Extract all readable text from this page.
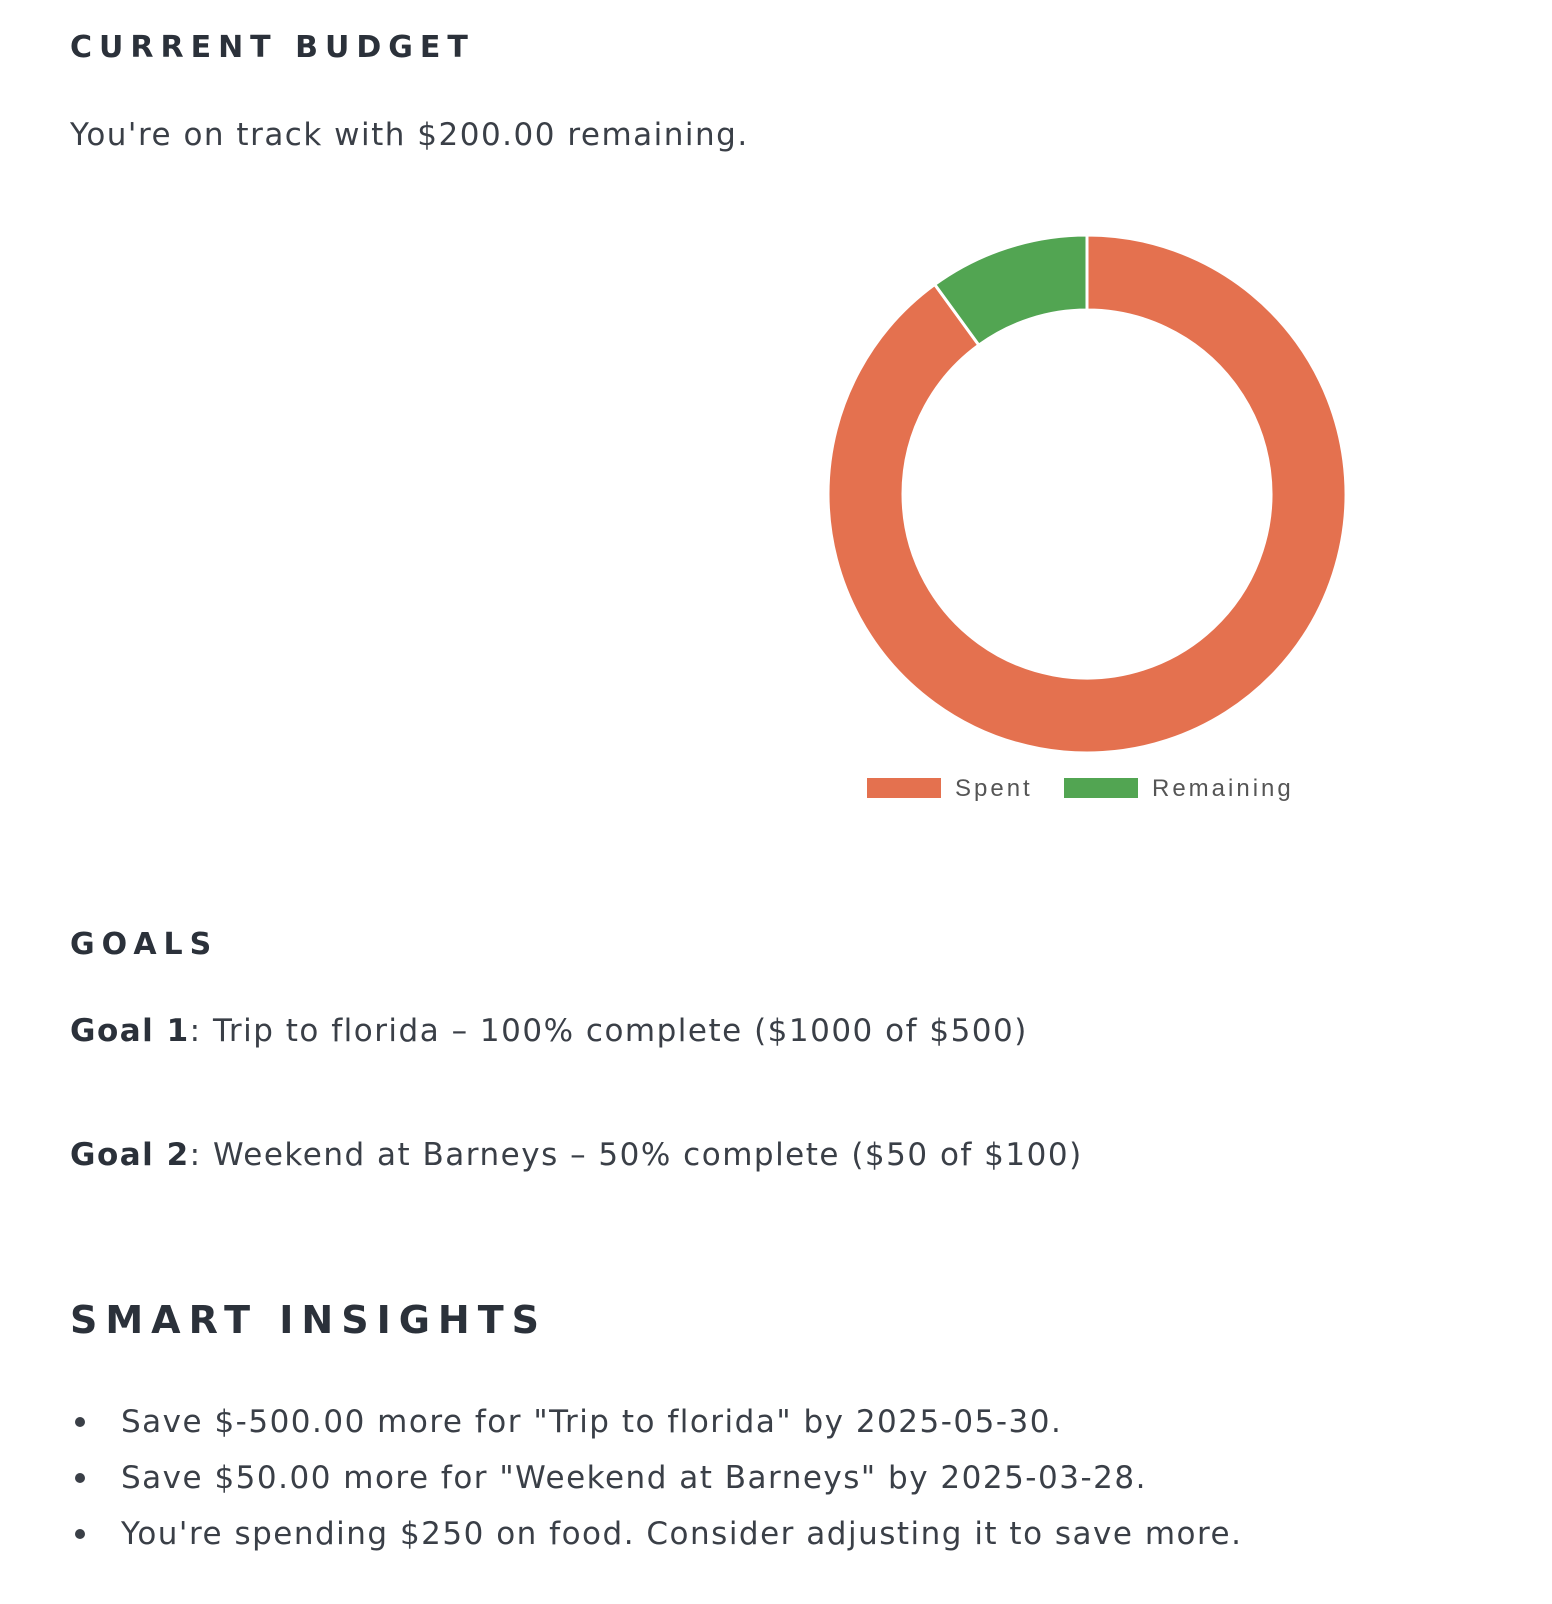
CURRENT BUDGET

You're on track with $200.00 remaining.

Spent	Remaining
GOALS

Goal 1: Trip to florida – 100% complete ($1000 of $500)

Goal 2: Weekend at Barneys – 50% complete ($50 of $100)

SMART INSIGHTS
Save $-500.00 more for "Trip to florida" by 2025-05-30.
Save $50.00 more for "Weekend at Barneys" by 2025-03-28.
You're spending $250 on food. Consider adjusting it to save more.
